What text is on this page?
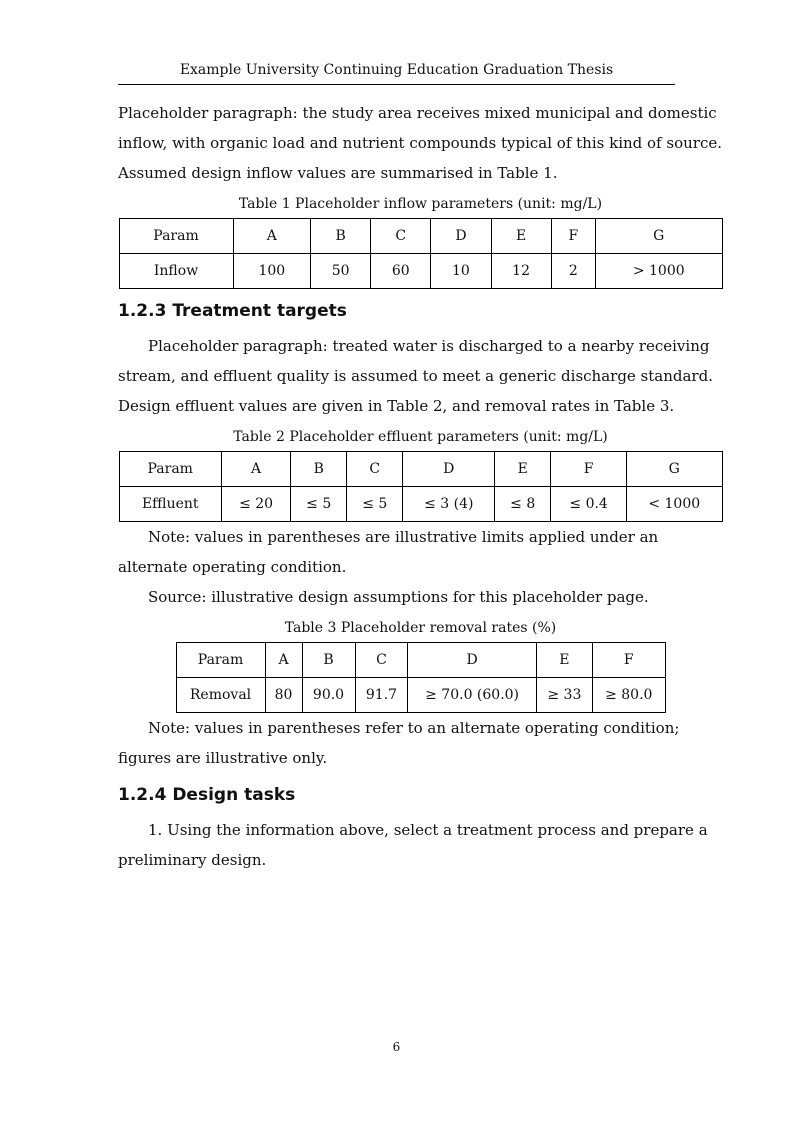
Example University Continuing Education Graduation Thesis

Placeholder paragraph: the study area receives mixed municipal and domestic inflow, with organic load and nutrient compounds typical of this kind of source. Assumed design inflow values are summarised in Table 1.

Table 1 Placeholder inflow parameters (unit: mg/L)

Param	A	B	C	D	E	F	G
Inflow	100	50	60	10	12	2	> 1000
1.2.3 Treatment targets

Placeholder paragraph: treated water is discharged to a nearby receiving stream, and effluent quality is assumed to meet a generic discharge standard. Design effluent values are given in Table 2, and removal rates in Table 3.

Table 2 Placeholder effluent parameters (unit: mg/L)

Param	A	B	C	D	E	F	G
Effluent	≤ 20	≤ 5	≤ 5	≤ 3 (4)	≤ 8	≤ 0.4	< 1000

Note: values in parentheses are illustrative limits applied under an alternate operating condition.

Source: illustrative design assumptions for this placeholder page.

Table 3 Placeholder removal rates (%)

Param	A	B	C	D	E	F
Removal	80	90.0	91.7	≥ 70.0 (60.0)	≥ 33	≥ 80.0

Note: values in parentheses refer to an alternate operating condition; figures are illustrative only.

1.2.4 Design tasks

1. Using the information above, select a treatment process and prepare a preliminary design.

6
